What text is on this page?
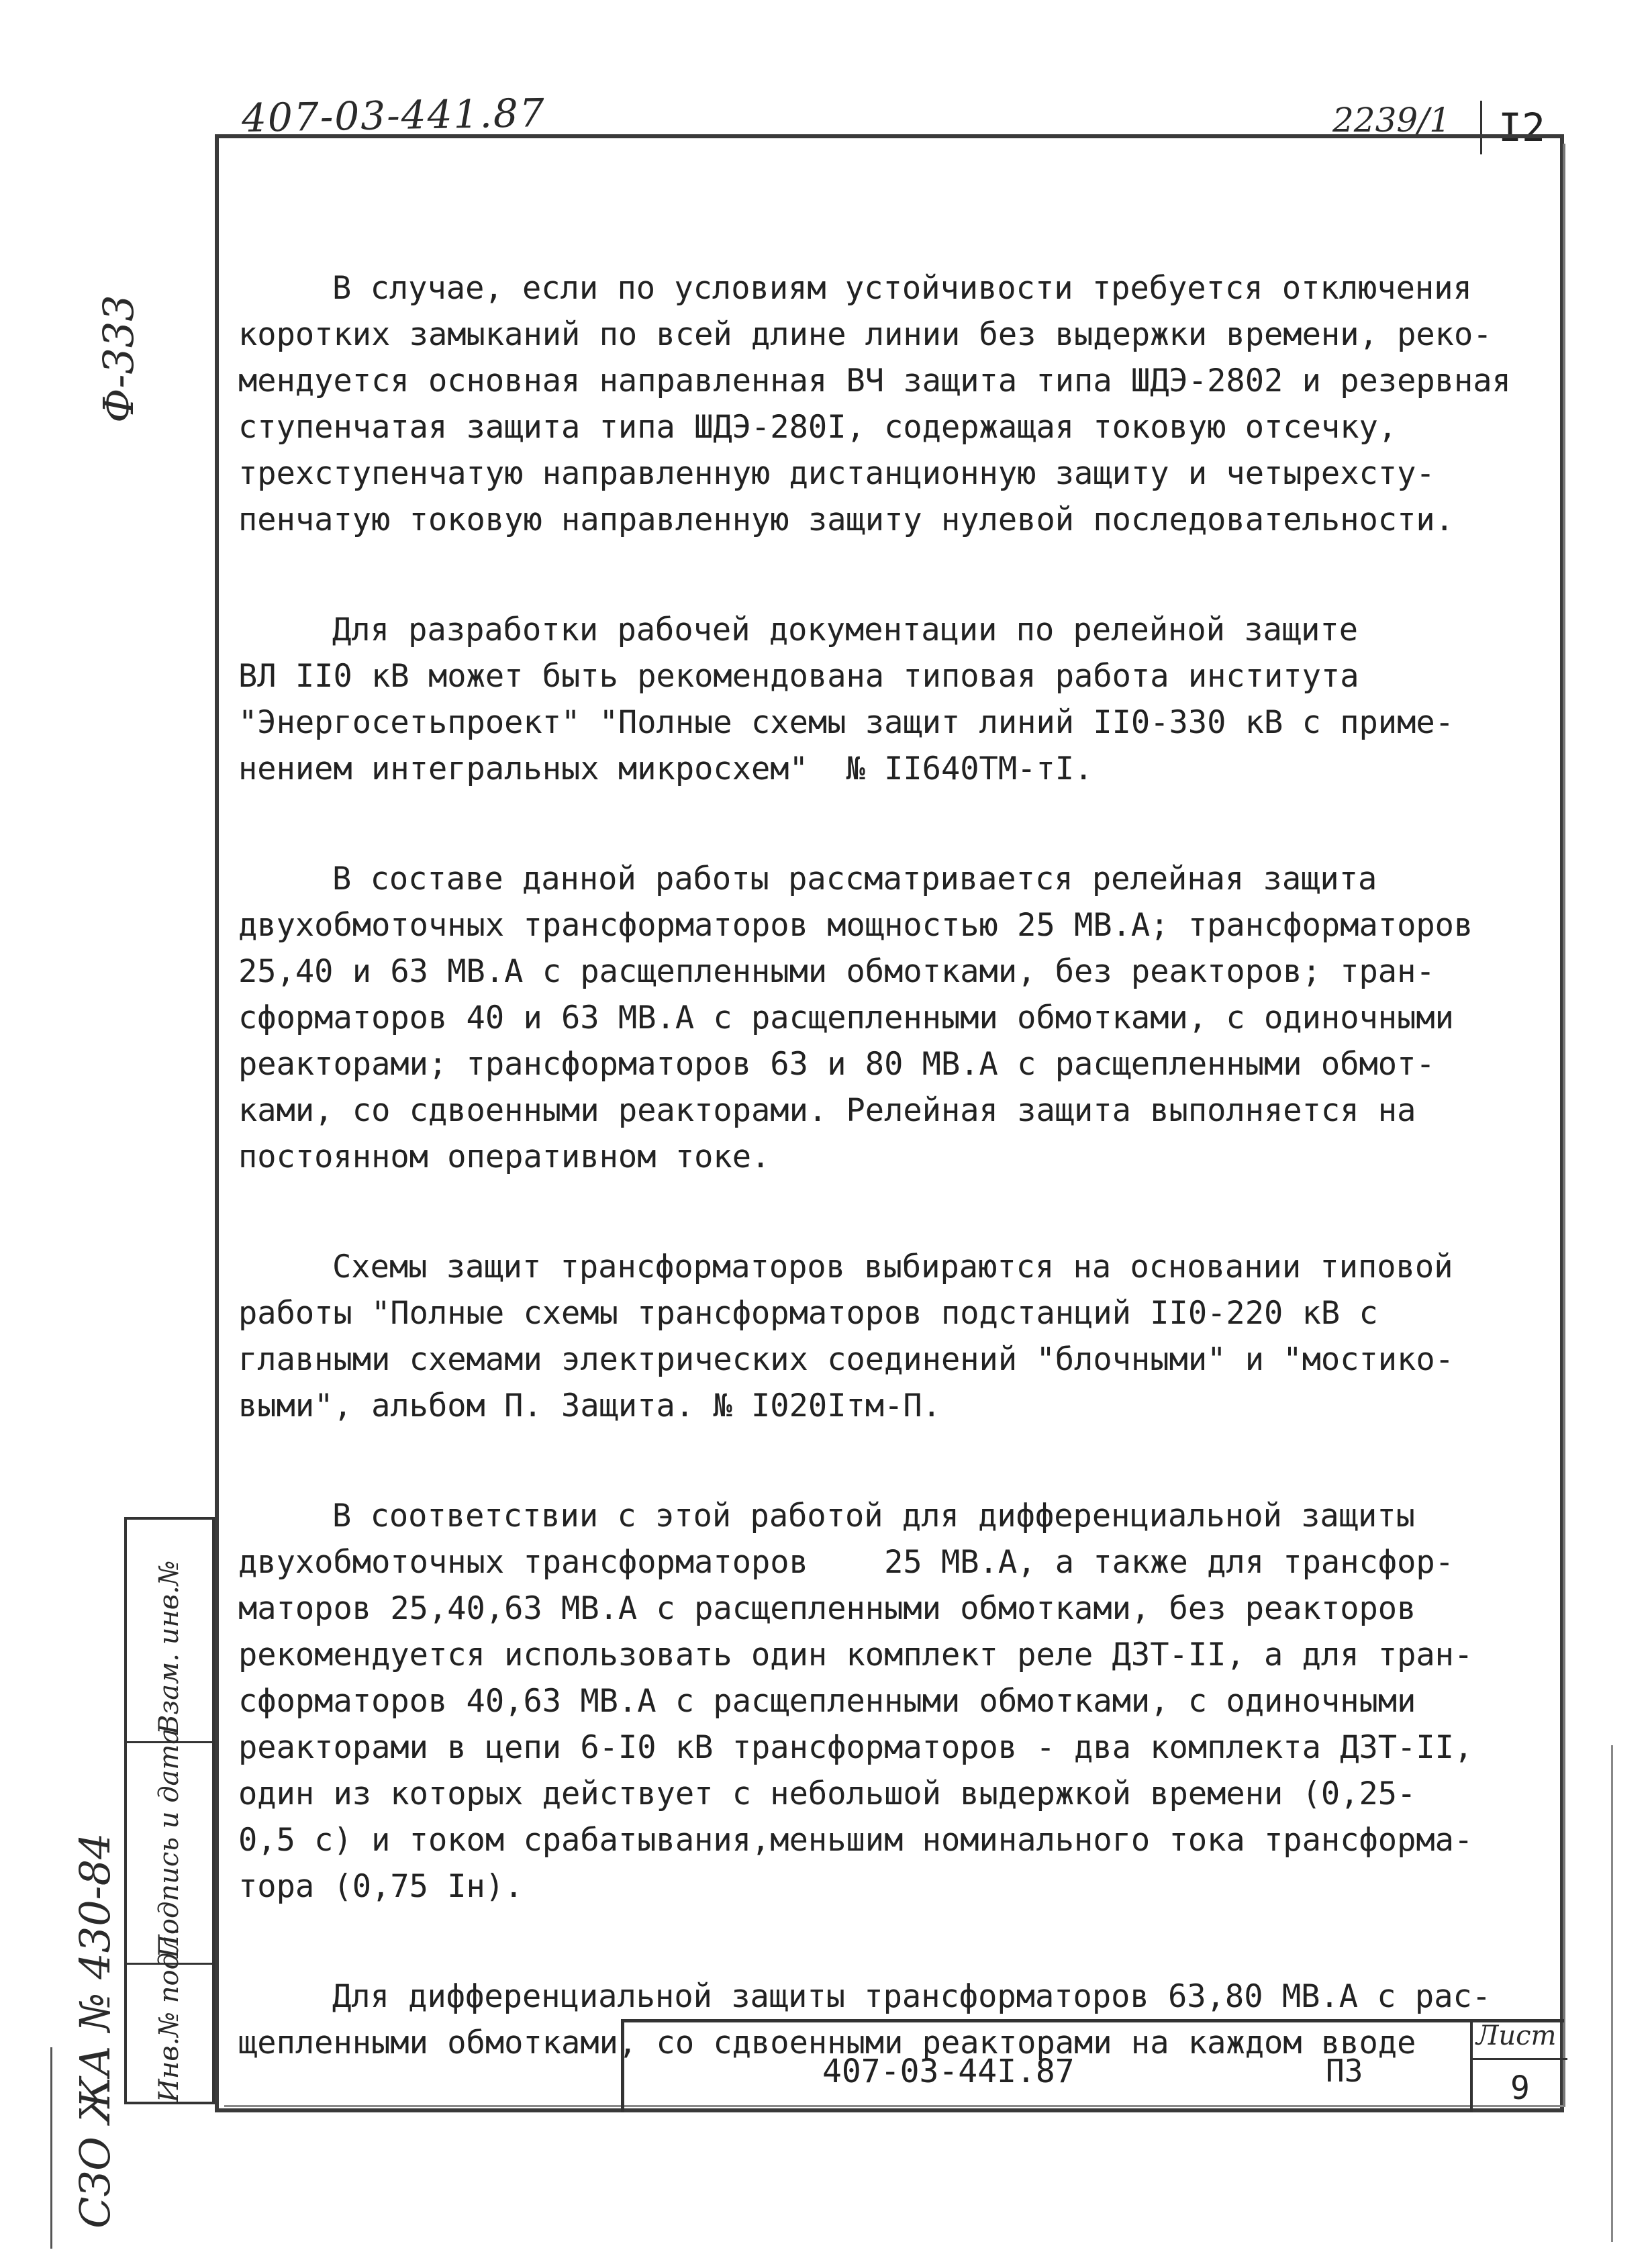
407-03-441.87	2239/1	I2
Ф-333

В случае, если по условиям устойчивости требуется отключения
коротких замыканий по всей длине линии без выдержки времени, реко-
мендуется основная направленная ВЧ защита типа ШДЭ-2802 и резервная
ступенчатая защита типа ШДЭ-280I, содержащая токовую отсечку,
трехступенчатую направленную дистанционную защиту и четырехсту-
пенчатую токовую направленную защиту нулевой последовательности.

Для разработки рабочей документации по релейной защите
ВЛ II0 кВ может быть рекомендована типовая работа института
"Энергосетьпроект" "Полные схемы защит линий II0-330 кВ с приме-
нением интегральных микросхем"  № II640ТМ-тI.

В составе данной работы рассматривается релейная защита
двухобмоточных трансформаторов мощностью 25 МВ.А; трансформаторов
25,40 и 63 МВ.А с расщепленными обмотками, без реакторов; тран-
сформаторов 40 и 63 МВ.А с расщепленными обмотками, с одиночными
реакторами; трансформаторов 63 и 80 МВ.А с расщепленными обмот-
ками, со сдвоенными реакторами. Релейная защита выполняется на
постоянном оперативном токе.

Схемы защит трансформаторов выбираются на основании типовой
работы "Полные схемы трансформаторов подстанций II0-220 кВ с
главными схемами электрических соединений "блочными" и "мостико-
выми", альбом П. Защита. № I020Iтм-П.

В соответствии с этой работой для дифференциальной защиты
двухобмоточных трансформаторов    25 МВ.А, а также для трансфор-
маторов 25,40,63 МВ.А с расщепленными обмотками, без реакторов
рекомендуется использовать один комплект реле ДЗТ-II, а для тран-
сформаторов 40,63 МВ.А с расщепленными обмотками, с одиночными
реакторами в цепи 6-I0 кВ трансформаторов - два комплекта ДЗТ-II,
один из которых действует с небольшой выдержкой времени (0,25-
0,5 с) и током срабатывания,меньшим номинального тока трансформа-
тора (0,75 Iн).

Для дифференциальной защиты трансформаторов 63,80 МВ.А с рас-
щепленными обмотками, со сдвоенными реакторами на каждом вводе

Взам. инв.№
Подпись и дата
Инв.№ подл.
СЗО ЖА № 430-84	407-03-44I.87	ПЗ
Лист
9
